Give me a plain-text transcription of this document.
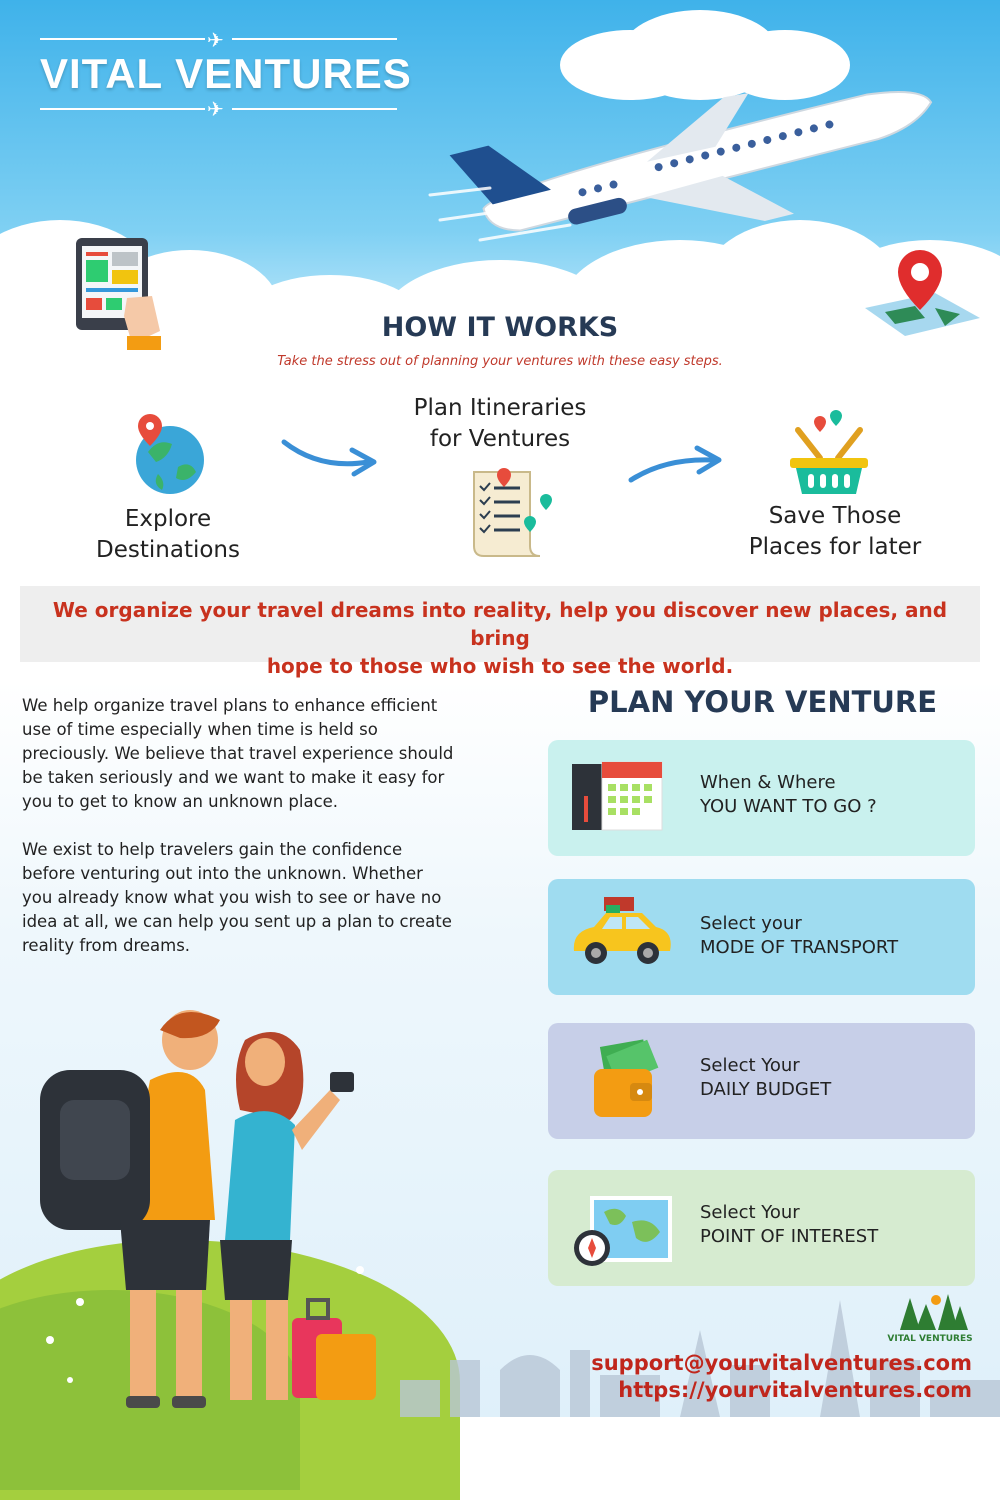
✈
VITAL VENTURES
✈
HOW IT WORKS
Take the stress out of planning your ventures with these easy steps.
Explore
Destinations
Plan Itineraries
for Ventures
Save Those
Places for later
We organize your travel dreams into reality, help you discover new places, and bring
hope to those who wish to see the world.
We help organize travel plans to enhance efficient
use of time especially when time is held so
preciously. We believe that travel experience should
be taken seriously and we want to make it easy for
you to get to know an unknown place.
We exist to help travelers gain the confidence
before venturing out into the unknown. Whether
you already know what you wish to see or have no
idea at all, we can help you sent up a plan to create
reality from dreams.
PLAN YOUR VENTURE
When & Where
YOU WANT TO GO ?
Select your
MODE OF TRANSPORT
Select Your
DAILY BUDGET
Select Your
POINT OF INTEREST
VITAL VENTURES
support@yourvitalventures.com
https://yourvitalventures.com
